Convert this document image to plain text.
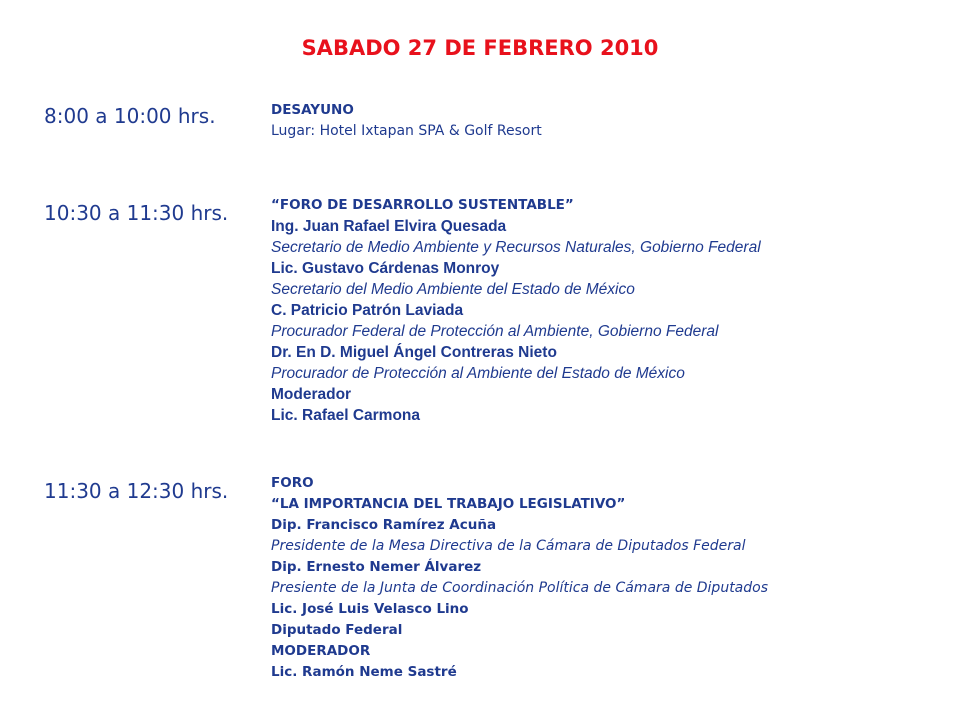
SABADO 27 DE FEBRERO 2010
8:00 a 10:00 hrs.	DESAYUNO
Lugar: Hotel Ixtapan SPA & Golf Resort
10:30 a 11:30 hrs.	“FORO DE DESARROLLO SUSTENTABLE”
Ing. Juan Rafael Elvira Quesada
Secretario de Medio Ambiente y Recursos Naturales, Gobierno Federal
Lic. Gustavo Cárdenas Monroy
Secretario del Medio Ambiente del Estado de México
C. Patricio Patrón Laviada
Procurador Federal de Protección al Ambiente, Gobierno Federal
Dr. En D. Miguel Ángel Contreras Nieto
Procurador de Protección al Ambiente del Estado de México
Moderador
Lic. Rafael Carmona
11:30 a 12:30 hrs.	FORO
“LA IMPORTANCIA DEL TRABAJO LEGISLATIVO”
Dip. Francisco Ramírez Acuña
Presidente de la Mesa Directiva de la Cámara de Diputados Federal
Dip. Ernesto Nemer Álvarez
Presiente de la Junta de Coordinación Política de Cámara de Diputados
Lic. José Luis Velasco Lino
Diputado Federal
MODERADOR
Lic. Ramón Neme Sastré
